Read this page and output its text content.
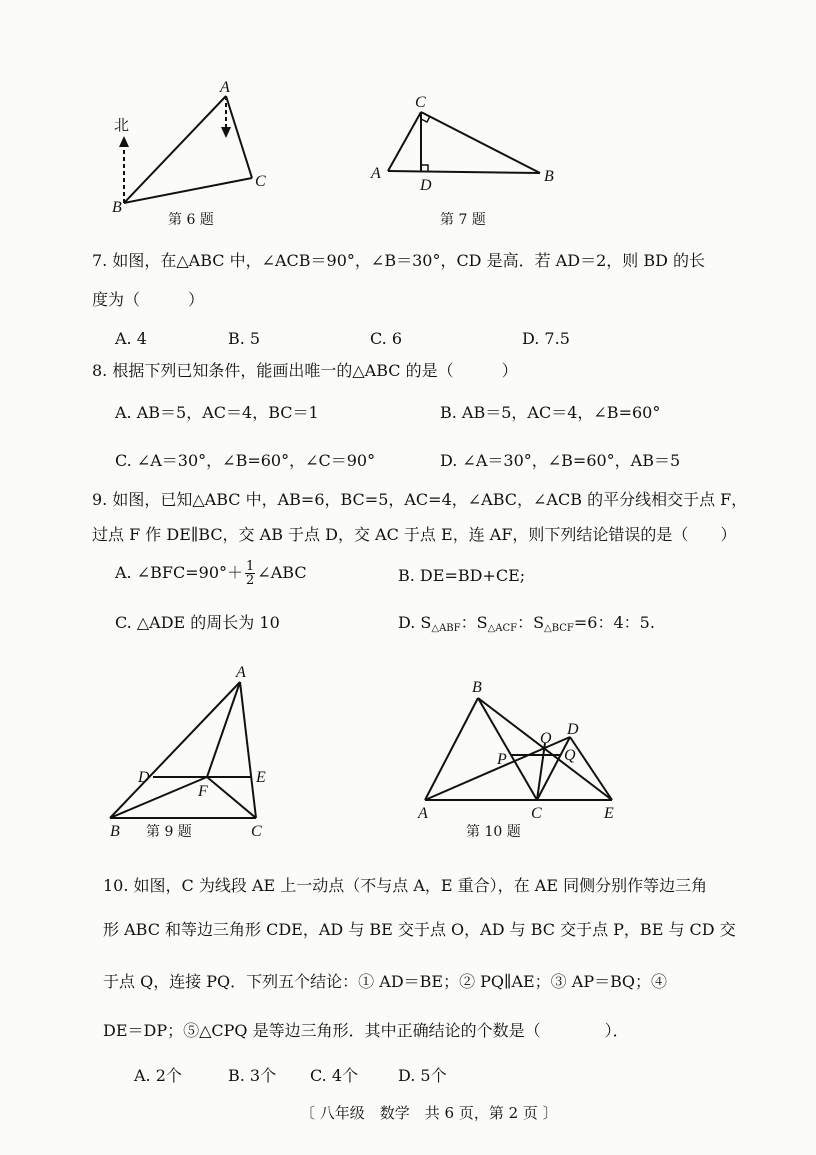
北
A
B
C
第 6 题
C
A
D
B
第 7 题
7. 如图，在△ABC 中，∠ACB＝90°，∠B＝30°，CD 是高．若 AD＝2，则 BD 的长
度为（　　　）
A. 4	B. 5	C. 6	D. 7.5
8. 根据下列已知条件，能画出唯一的△ABC 的是（　　　）
A. AB＝5，AC＝4，BC＝1	B. AB＝5，AC＝4，∠B=60°
C. ∠A＝30°，∠B=60°，∠C＝90°	D. ∠A＝30°，∠B=60°，AB＝5
9. 如图，已知△ABC 中，AB=6，BC=5，AC=4，∠ABC，∠ACB 的平分线相交于点 F，
过点 F 作 DE∥BC，交 AB 于点 D，交 AC 于点 E，连 AF，则下列结论错误的是（　　）
A. ∠BFC=90°＋ $\frac{1}{2}$ ∠ABC	B. DE=BD+CE;
C. △ADE 的周长为 10	D. $S_{\triangle ABF}$：$S_{\triangle ACF}$：$S_{\triangle BCF}=6$：4：5.
A
D	E
F
B	C
第 9 题
B
D
O
P	Q
A	C	E
第 10 题
10. 如图，C 为线段 AE 上一动点（不与点 A，E 重合），在 AE 同侧分别作等边三角
形 ABC 和等边三角形 CDE，AD 与 BE 交于点 O，AD 与 BC 交于点 P，BE 与 CD 交
于点 Q，连接 PQ．下列五个结论：① AD＝BE；② PQ∥AE；③ AP＝BQ；④
DE＝DP；⑤△CPQ 是等边三角形．其中正确结论的个数是（　　　　）．
A. 2个	B. 3个 C. 4个 D. 5个
〔 八年级　数学　共 6 页，第 2 页 〕
